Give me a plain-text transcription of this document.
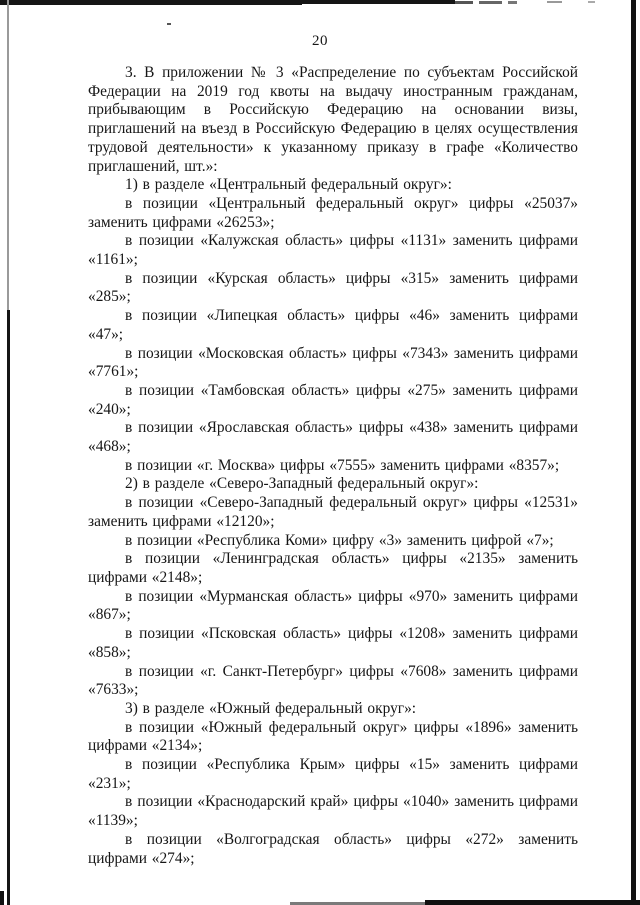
20

3. В приложении № 3 «Распределение по субъектам Российской Федерации на 2019 год квоты на выдачу иностранным гражданам, прибывающим в Российскую Федерацию на основании визы, приглашений на въезд в Российскую Федерацию в целях осуществления трудовой деятельности» к указанному приказу в графе «Количество приглашений, шт.»:

1) в разделе «Центральный федеральный округ»:

в позиции «Центральный федеральный округ» цифры «25037» заменить цифрами «26253»;

в позиции «Калужская область» цифры «1131» заменить цифрами «1161»;

в позиции «Курская область» цифры «315» заменить цифрами «285»;

в позиции «Липецкая область» цифры «46» заменить цифрами «47»;

в позиции «Московская область» цифры «7343» заменить цифрами «7761»;

в позиции «Тамбовская область» цифры «275» заменить цифрами «240»;

в позиции «Ярославская область» цифры «438» заменить цифрами «468»;

в позиции «г. Москва» цифры «7555» заменить цифрами «8357»;

2) в разделе «Северо-Западный федеральный округ»:

в позиции «Северо-Западный федеральный округ» цифры «12531» заменить цифрами «12120»;

в позиции «Республика Коми» цифру «3» заменить цифрой «7»;

в позиции «Ленинградская область» цифры «2135» заменить цифрами «2148»;

в позиции «Мурманская область» цифры «970» заменить цифрами «867»;

в позиции «Псковская область» цифры «1208» заменить цифрами «858»;

в позиции «г. Санкт-Петербург» цифры «7608» заменить цифрами «7633»;

3) в разделе «Южный федеральный округ»:

в позиции «Южный федеральный округ» цифры «1896» заменить цифрами «2134»;

в позиции «Республика Крым» цифры «15» заменить цифрами «231»;

в позиции «Краснодарский край» цифры «1040» заменить цифрами «1139»;

в позиции «Волгоградская область» цифры «272» заменить цифрами «274»;
